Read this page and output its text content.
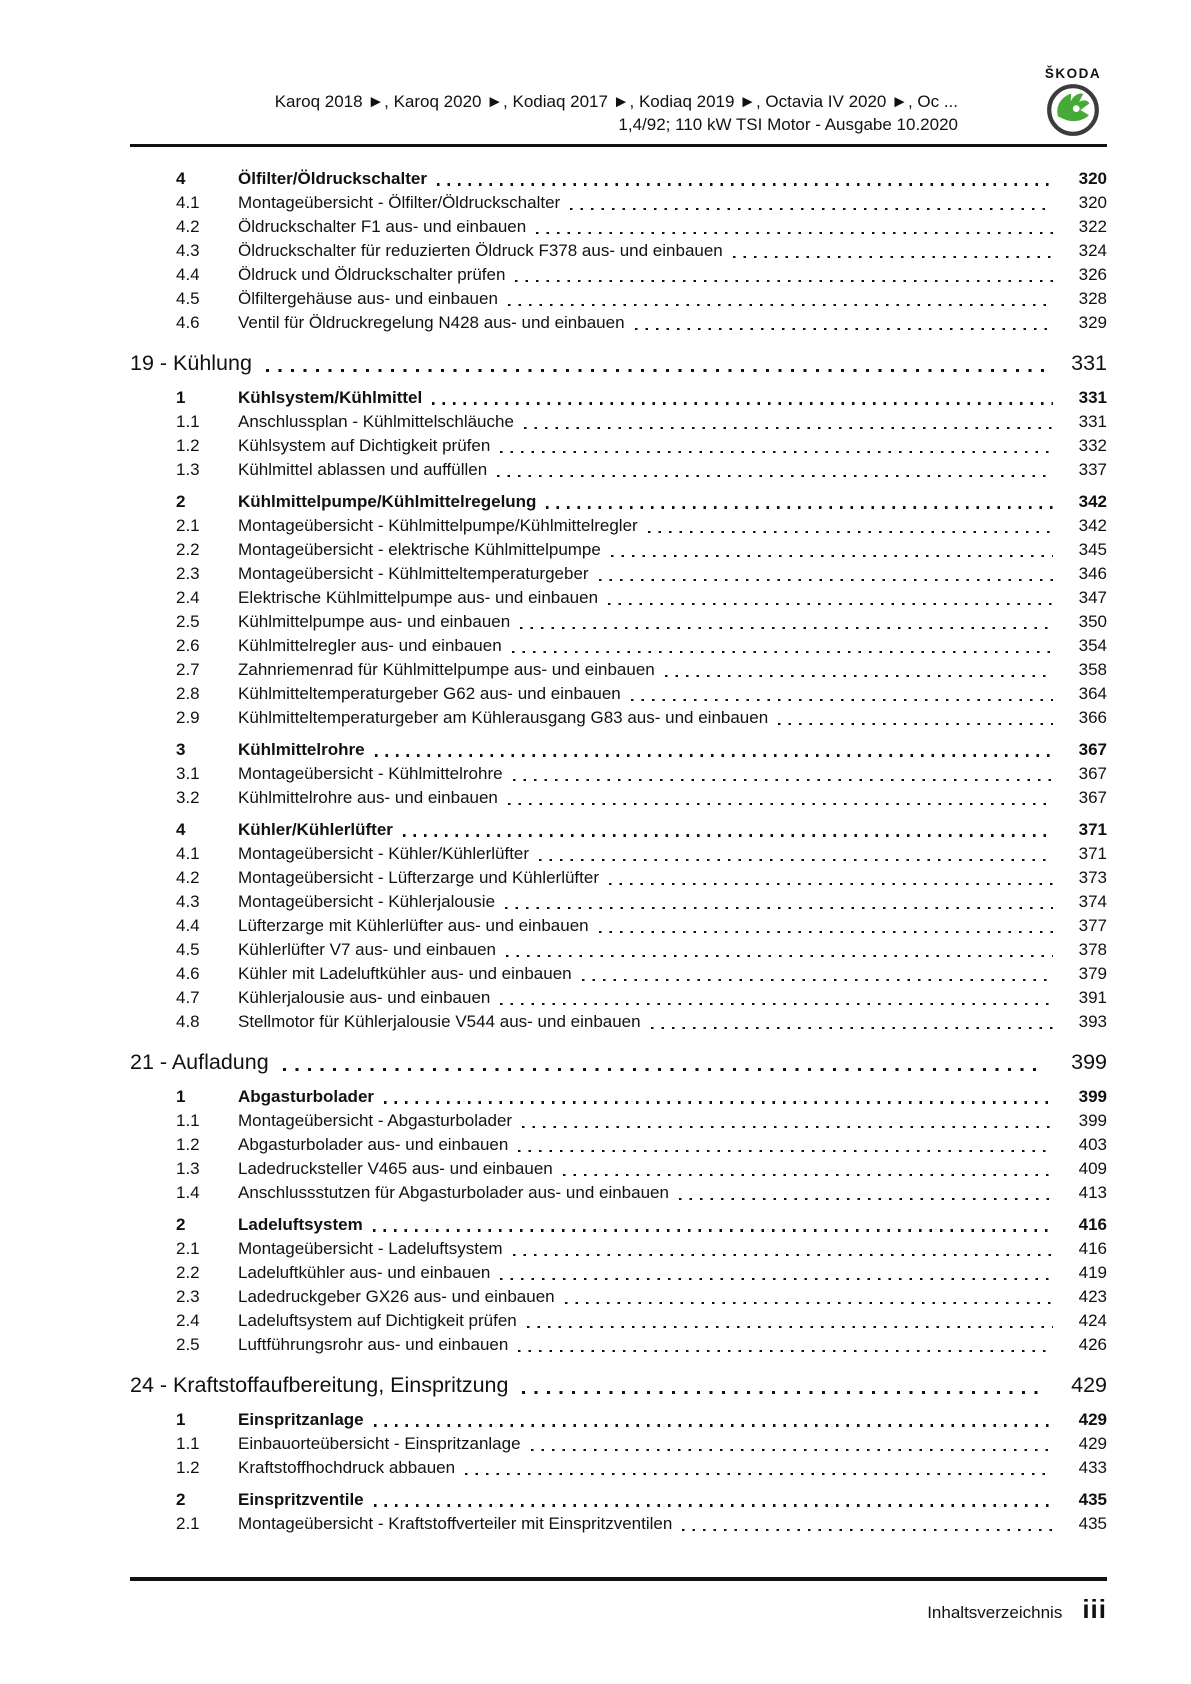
Karoq 2018 ►, Karoq 2020 ►, Kodiaq 2017 ►, Kodiaq 2019 ►, Octavia IV 2020 ►, Oc ...
1,4/92; 110 kW TSI Motor - Ausgabe 10.2020
ŠKODA
4	Ölfilter/Öldruckschalter	320
4.1	Montageübersicht - Ölfilter/Öldruckschalter	320
4.2	Öldruckschalter F1 aus- und einbauen	322
4.3	Öldruckschalter für reduzierten Öldruck F378 aus- und einbauen	324
4.4	Öldruck und Öldruckschalter prüfen	326
4.5	Ölfiltergehäuse aus- und einbauen	328
4.6	Ventil für Öldruckregelung N428 aus- und einbauen	329
19 - Kühlung	331
1	Kühlsystem/Kühlmittel	331
1.1	Anschlussplan - Kühlmittelschläuche	331
1.2	Kühlsystem auf Dichtigkeit prüfen	332
1.3	Kühlmittel ablassen und auffüllen	337
2	Kühlmittelpumpe/Kühlmittelregelung	342
2.1	Montageübersicht - Kühlmittelpumpe/Kühlmittelregler	342
2.2	Montageübersicht - elektrische Kühlmittelpumpe	345
2.3	Montageübersicht - Kühlmitteltemperaturgeber	346
2.4	Elektrische Kühlmittelpumpe aus- und einbauen	347
2.5	Kühlmittelpumpe aus- und einbauen	350
2.6	Kühlmittelregler aus- und einbauen	354
2.7	Zahnriemenrad für Kühlmittelpumpe aus- und einbauen	358
2.8	Kühlmitteltemperaturgeber G62 aus- und einbauen	364
2.9	Kühlmitteltemperaturgeber am Kühlerausgang G83 aus- und einbauen	366
3	Kühlmittelrohre	367
3.1	Montageübersicht - Kühlmittelrohre	367
3.2	Kühlmittelrohre aus- und einbauen	367
4	Kühler/Kühlerlüfter	371
4.1	Montageübersicht - Kühler/Kühlerlüfter	371
4.2	Montageübersicht - Lüfterzarge und Kühlerlüfter	373
4.3	Montageübersicht - Kühlerjalousie	374
4.4	Lüfterzarge mit Kühlerlüfter aus- und einbauen	377
4.5	Kühlerlüfter V7 aus- und einbauen	378
4.6	Kühler mit Ladeluftkühler aus- und einbauen	379
4.7	Kühlerjalousie aus- und einbauen	391
4.8	Stellmotor für Kühlerjalousie V544 aus- und einbauen	393
21 - Aufladung	399
1	Abgasturbolader	399
1.1	Montageübersicht - Abgasturbolader	399
1.2	Abgasturbolader aus- und einbauen	403
1.3	Ladedrucksteller V465 aus- und einbauen	409
1.4	Anschlussstutzen für Abgasturbolader aus- und einbauen	413
2	Ladeluftsystem	416
2.1	Montageübersicht - Ladeluftsystem	416
2.2	Ladeluftkühler aus- und einbauen	419
2.3	Ladedruckgeber GX26 aus- und einbauen	423
2.4	Ladeluftsystem auf Dichtigkeit prüfen	424
2.5	Luftführungsrohr aus- und einbauen	426
24 - Kraftstoffaufbereitung, Einspritzung	429
1	Einspritzanlage	429
1.1	Einbauorteübersicht - Einspritzanlage	429
1.2	Kraftstoffhochdruck abbauen	433
2	Einspritzventile	435
2.1	Montageübersicht - Kraftstoffverteiler mit Einspritzventilen	435
Inhaltsverzeichnis iii
